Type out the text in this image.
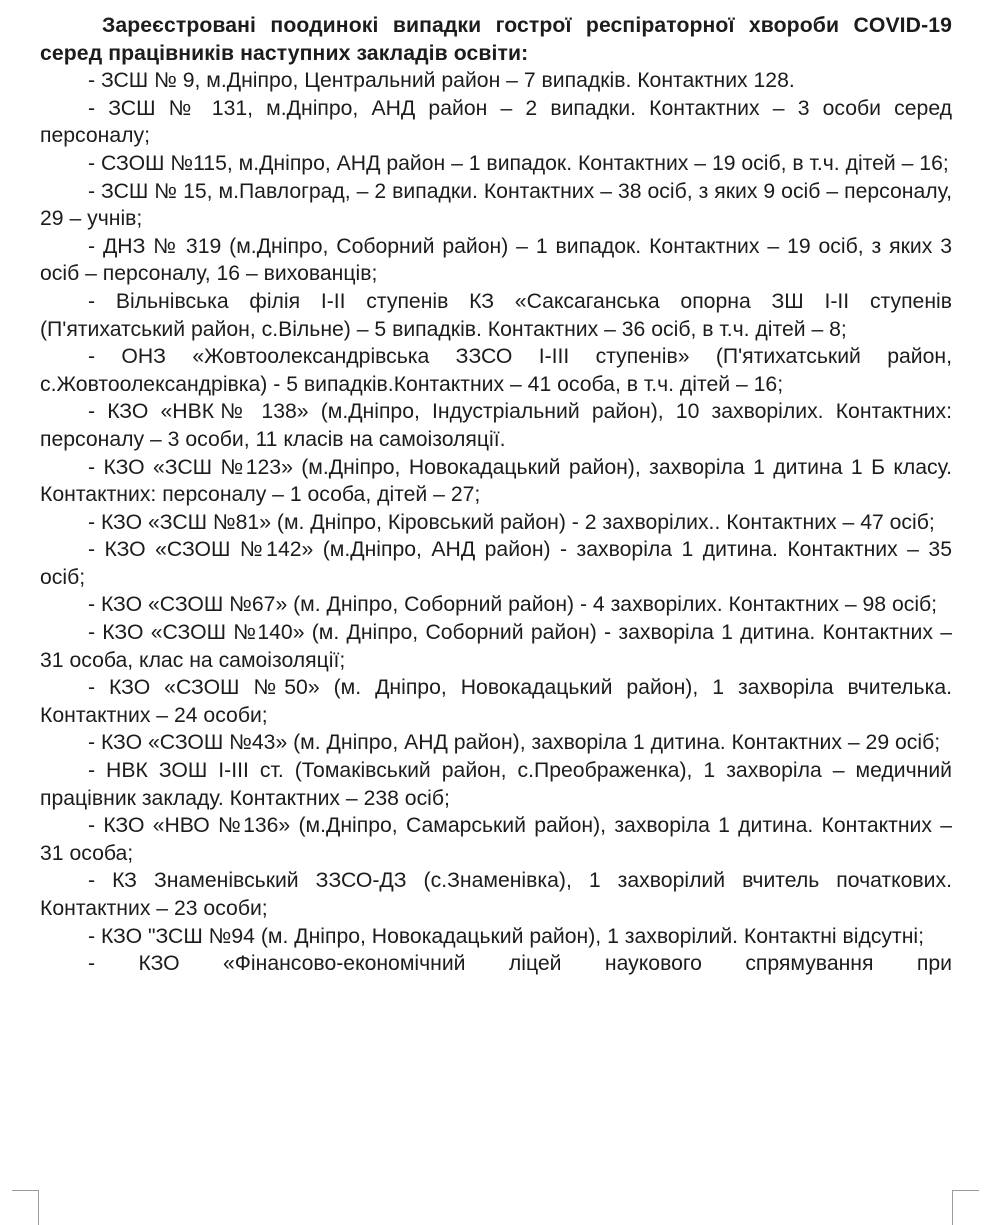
Зареєстровані поодинокі випадки гострої респіраторної хвороби COVID-19 серед працівників наступних закладів освіти:

- ЗСШ № 9, м.Дніпро, Центральний район – 7 випадків. Контактних 128.

- ЗСШ № 131, м.Дніпро, АНД район – 2 випадки. Контактних – 3 особи серед персоналу;

- СЗОШ №115, м.Дніпро, АНД район – 1 випадок. Контактних – 19 осіб, в т.ч. дітей – 16;

- ЗСШ № 15, м.Павлоград, – 2 випадки. Контактних – 38 осіб, з яких 9 осіб – персоналу, 29 – учнів;

- ДНЗ № 319 (м.Дніпро, Соборний район) – 1 випадок. Контактних – 19 осіб, з яких 3 осіб – персоналу, 16 – вихованців;

- Вільнівська філія І-ІІ ступенів КЗ «Саксаганська опорна ЗШ І-ІІ ступенів (П'ятихатський район, с.Вільне) – 5 випадків. Контактних – 36 осіб, в т.ч. дітей – 8;

- ОНЗ «Жовтоолександрівська ЗЗСО І-ІІІ ступенів» (П'ятихатський район, с.Жовтоолександрівка) - 5 випадків.Контактних – 41 особа, в т.ч. дітей – 16;

- КЗО «НВК№ 138» (м.Дніпро, Індустріальний район), 10 захворілих. Контактних: персоналу – 3 особи, 11 класів на самоізоляції.

- КЗО «ЗСШ №123» (м.Дніпро, Новокадацький район), захворіла 1 дитина 1 Б класу. Контактних: персоналу – 1 особа, дітей – 27;

- КЗО «ЗСШ №81» (м. Дніпро, Кіровський район) - 2 захворілих.. Контактних – 47 осіб;

- КЗО «СЗОШ №142» (м.Дніпро, АНД район) - захворіла 1 дитина. Контактних – 35 осіб;

- КЗО «СЗОШ №67» (м. Дніпро, Соборний район) - 4 захворілих. Контактних – 98 осіб;

- КЗО «СЗОШ №140» (м. Дніпро, Соборний район) - захворіла 1 дитина. Контактних – 31 особа, клас на самоізоляції;

- КЗО «СЗОШ №50» (м. Дніпро, Новокадацький район), 1 захворіла вчителька. Контактних – 24 особи;

- КЗО «СЗОШ №43» (м. Дніпро, АНД район), захворіла 1 дитина. Контактних – 29 осіб;

- НВК ЗОШ І-ІІІ ст. (Томаківський район, с.Преображенка), 1 захворіла – медичний працівник закладу. Контактних – 238 осіб;

- КЗО «НВО №136» (м.Дніпро, Самарський район), захворіла 1 дитина. Контактних – 31 особа;

- КЗ Знаменівський ЗЗСО-ДЗ (с.Знаменівка), 1 захворілий вчитель початкових. Контактних – 23 особи;

- КЗО "ЗСШ №94 (м. Дніпро, Новокадацький район), 1 захворілий. Контактні відсутні;

- КЗО «Фінансово-економічний ліцей наукового спрямування при
